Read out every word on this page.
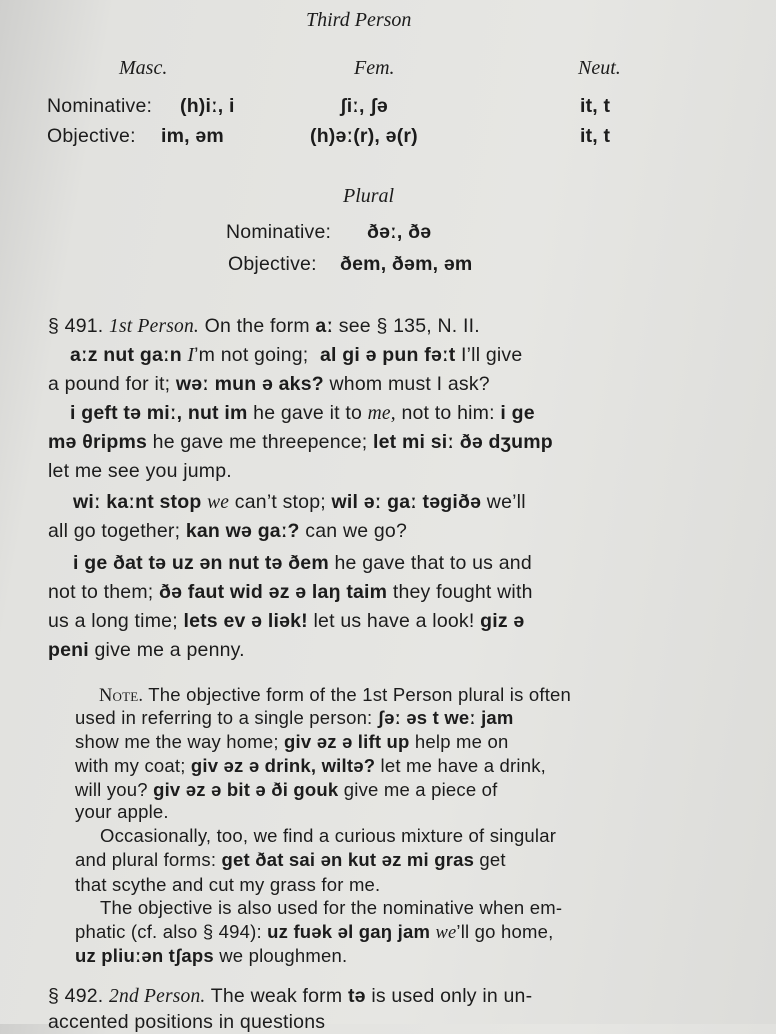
Third Person
Masc.	Fem.	Neut.
Nominative: (h)iː, i	ʃiː, ʃə	it, t
Objective: im, əm	(h)əː(r), ə(r)	it, t
Plural
Nominative: ðəː, ðə
Objective: ðem, ðəm, əm
§ 491. 1st Person. On the form aː see § 135, N. II.
aːz nut gaːn I’m not going; al gi ə pun fəːt I’ll give
a pound for it; wəː mun ə aks? whom must I ask?
i geft tə miː, nut im he gave it to me, not to him: i ge
mə θripms he gave me threepence; let mi siː ðə dʒump
let me see you jump.
wiː kaːnt stop we can’t stop; wil əː gaː təgiðə we’ll
all go together; kan wə gaː? can we go?
i ge ðat tə uz ən nut tə ðem he gave that to us and
not to them; ðə faut wid əz ə laŋ taim they fought with
us a long time; lets ev ə liək! let us have a look! giz ə
peni give me a penny.
Note. The objective form of the 1st Person plural is often
used in referring to a single person: ʃəː əs t weː jam
show me the way home; giv əz ə lift up help me on
with my coat; giv əz ə drink, wiltə? let me have a drink,
will you? giv əz ə bit ə ði gouk give me a piece of
your apple.
Occasionally, too, we find a curious mixture of singular
and plural forms: get ðat sai ən kut əz mi gras get
that scythe and cut my grass for me.
The objective is also used for the nominative when em-
phatic (cf. also § 494): uz fuək əl gaŋ jam we’ll go home,
uz pliuːən tʃaps we ploughmen.
§ 492. 2nd Person. The weak form tə is used only in un-
accented positions in questions
